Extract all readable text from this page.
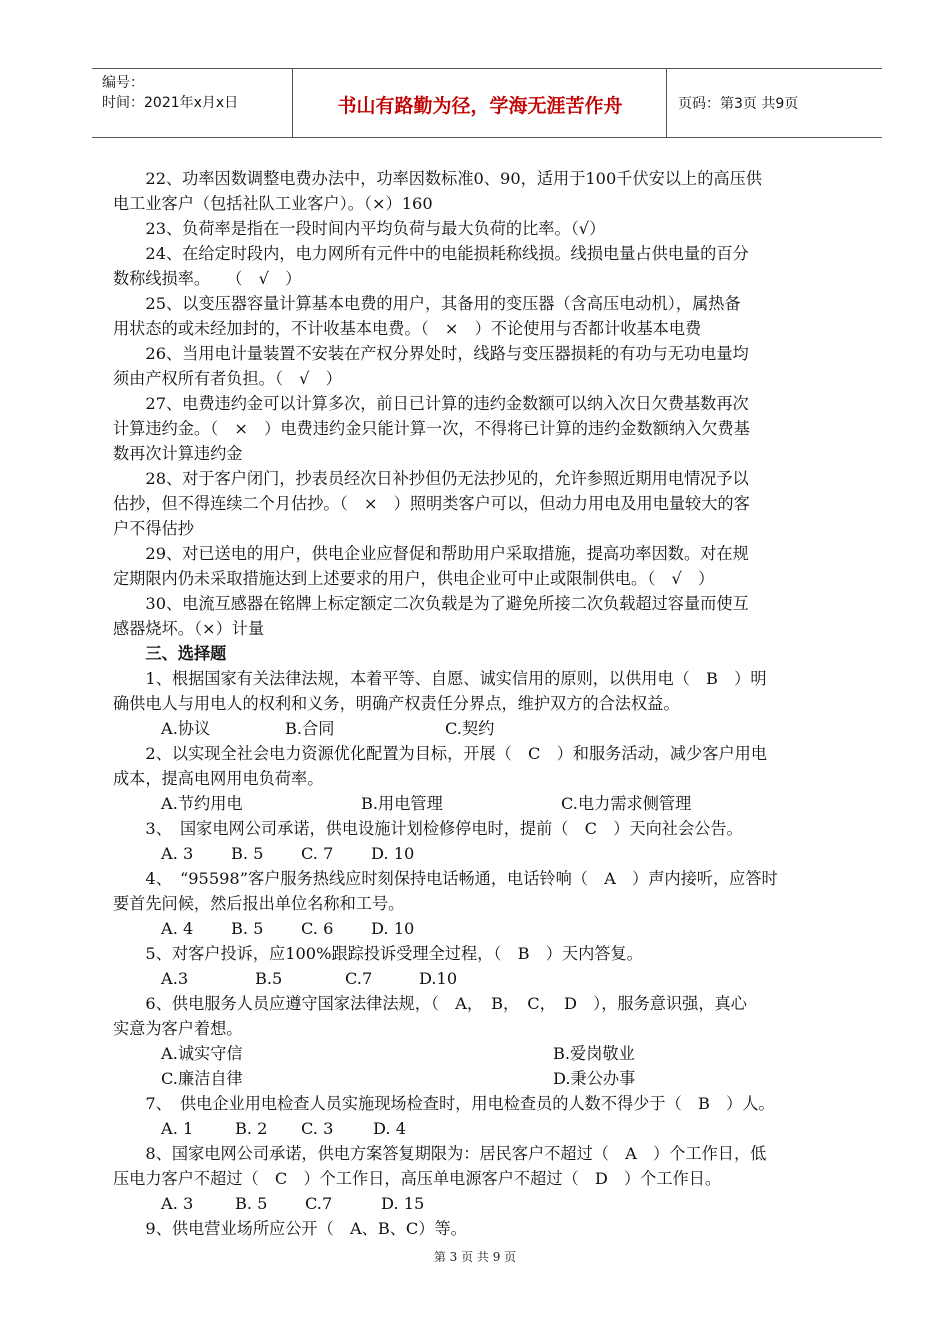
编号：
时间：2021年x月x日	书山有路勤为径，学海无涯苦作舟	页码：第3页 共9页

22、功率因数调整电费办法中，功率因数标准0、90，适用于100千伏安以上的高压供

电工业客户（包括社队工业客户）。（×）160

23、负荷率是指在一段时间内平均负荷与最大负荷的比率。（√）

24、在给定时段内，电力网所有元件中的电能损耗称线损。线损电量占供电量的百分

数称线损率。　　（　√　）

25、以变压器容量计算基本电费的用户，其备用的变压器（含高压电动机），属热备

用状态的或未经加封的，不计收基本电费。（　×　）不论使用与否都计收基本电费

26、当用电计量装置不安装在产权分界处时，线路与变压器损耗的有功与无功电量均

须由产权所有者负担。（　√　）

27、电费违约金可以计算多次，前日已计算的违约金数额可以纳入次日欠费基数再次

计算违约金。（　×　）电费违约金只能计算一次，不得将已计算的违约金数额纳入欠费基

数再次计算违约金

28、对于客户闭门，抄表员经次日补抄但仍无法抄见的，允许参照近期用电情况予以

估抄，但不得连续二个月估抄。（　×　）照明类客户可以，但动力用电及用电量较大的客

户不得估抄

29、对已送电的用户，供电企业应督促和帮助用户采取措施，提高功率因数。对在规

定期限内仍未采取措施达到上述要求的用户，供电企业可中止或限制供电。（　√　）

30、电流互感器在铭牌上标定额定二次负载是为了避免所接二次负载超过容量而使互

感器烧坏。（×）计量

三、选择题

1、根据国家有关法律法规，本着平等、自愿、诚实信用的原则，以供用电（　B　）明

确供电人与用电人的权利和义务，明确产权责任分界点，维护双方的合法权益。

A.协议	B.合同	C.契约

2、以实现全社会电力资源优化配置为目标，开展（　C　）和服务活动，减少客户用电

成本，提高电网用电负荷率。

A.节约用电	B.用电管理	C.电力需求侧管理

3、　国家电网公司承诺，供电设施计划检修停电时，提前（　C　）天向社会公告。

A. 3 B. 5 C. 7 D. 10

4、　“95598”客户服务热线应时刻保持电话畅通，电话铃响（　A　）声内接听，应答时

要首先问候，然后报出单位名称和工号。

A. 4 B. 5 C. 6 D. 10

5、对客户投诉，应100%跟踪投诉受理全过程，（　B　）天内答复。

A.3	B.5	C.7	D.10

6、供电服务人员应遵守国家法律法规，（　A，　B，　C，　D　），服务意识强，真心

实意为客户着想。

A.诚实守信	B.爱岗敬业
C.廉洁自律	D.秉公办事

7、　供电企业用电检查人员实施现场检查时，用电检查员的人数不得少于（　B　）人。

A. 1	B. 2 C. 3 D. 4

8、国家电网公司承诺，供电方案答复期限为：居民客户不超过（　A　）个工作日，低

压电力客户不超过（　C　）个工作日，高压单电源客户不超过（　D　）个工作日。

A. 3	B. 5 C.7	D. 15

9、供电营业场所应公开（　A、B、C）等。

第 3 页 共 9 页
